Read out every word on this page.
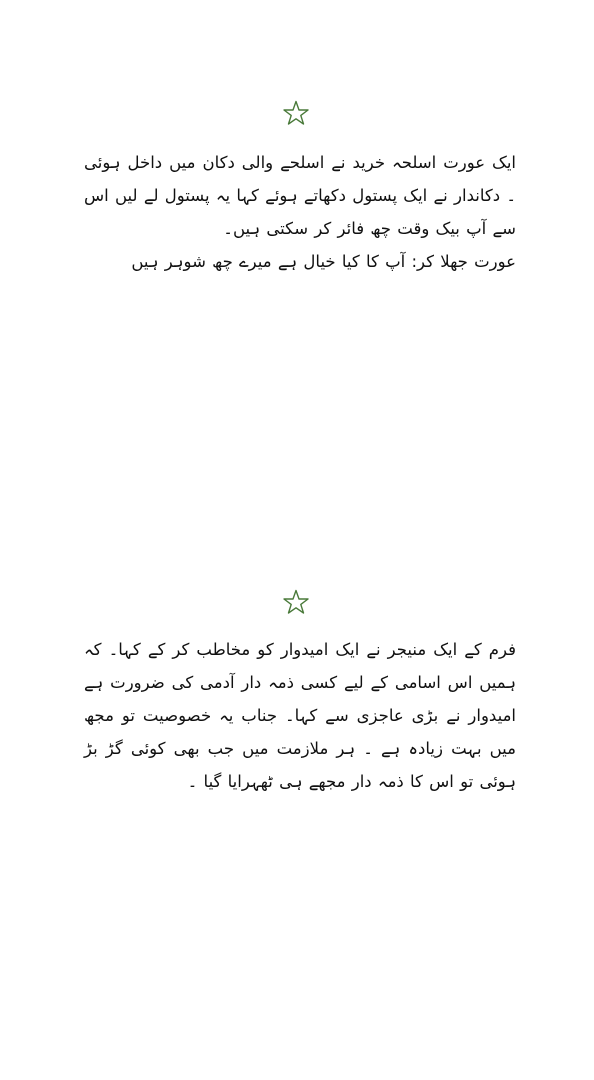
ایک عورت اسلحہ خرید نے اسلحے والی دکان میں داخل ہوئی ۔ دکاندار نے ایک پستول دکھاتے ہوئے کہا یہ پستول لے لیں اس سے آپ بیک وقت چھ فائر کر سکتی ہیں۔

عورت جھلا کر: آپ کا کیا خیال ہے میرے چھ شوہر ہیں

فرم کے ایک منیجر نے ایک امیدوار کو مخاطب کر کے کہا۔ کہ ہمیں اس اسامی کے لیے کسی ذمہ دار آدمی کی ضرورت ہے امیدوار نے بڑی عاجزی سے کہا۔ جناب یہ خصوصیت تو مجھ میں بہت زیادہ ہے ۔ ہر ملازمت میں جب بھی کوئی گڑ بڑ ہوئی تو اس کا ذمہ دار مجھے ہی ٹھہرایا گیا ۔
